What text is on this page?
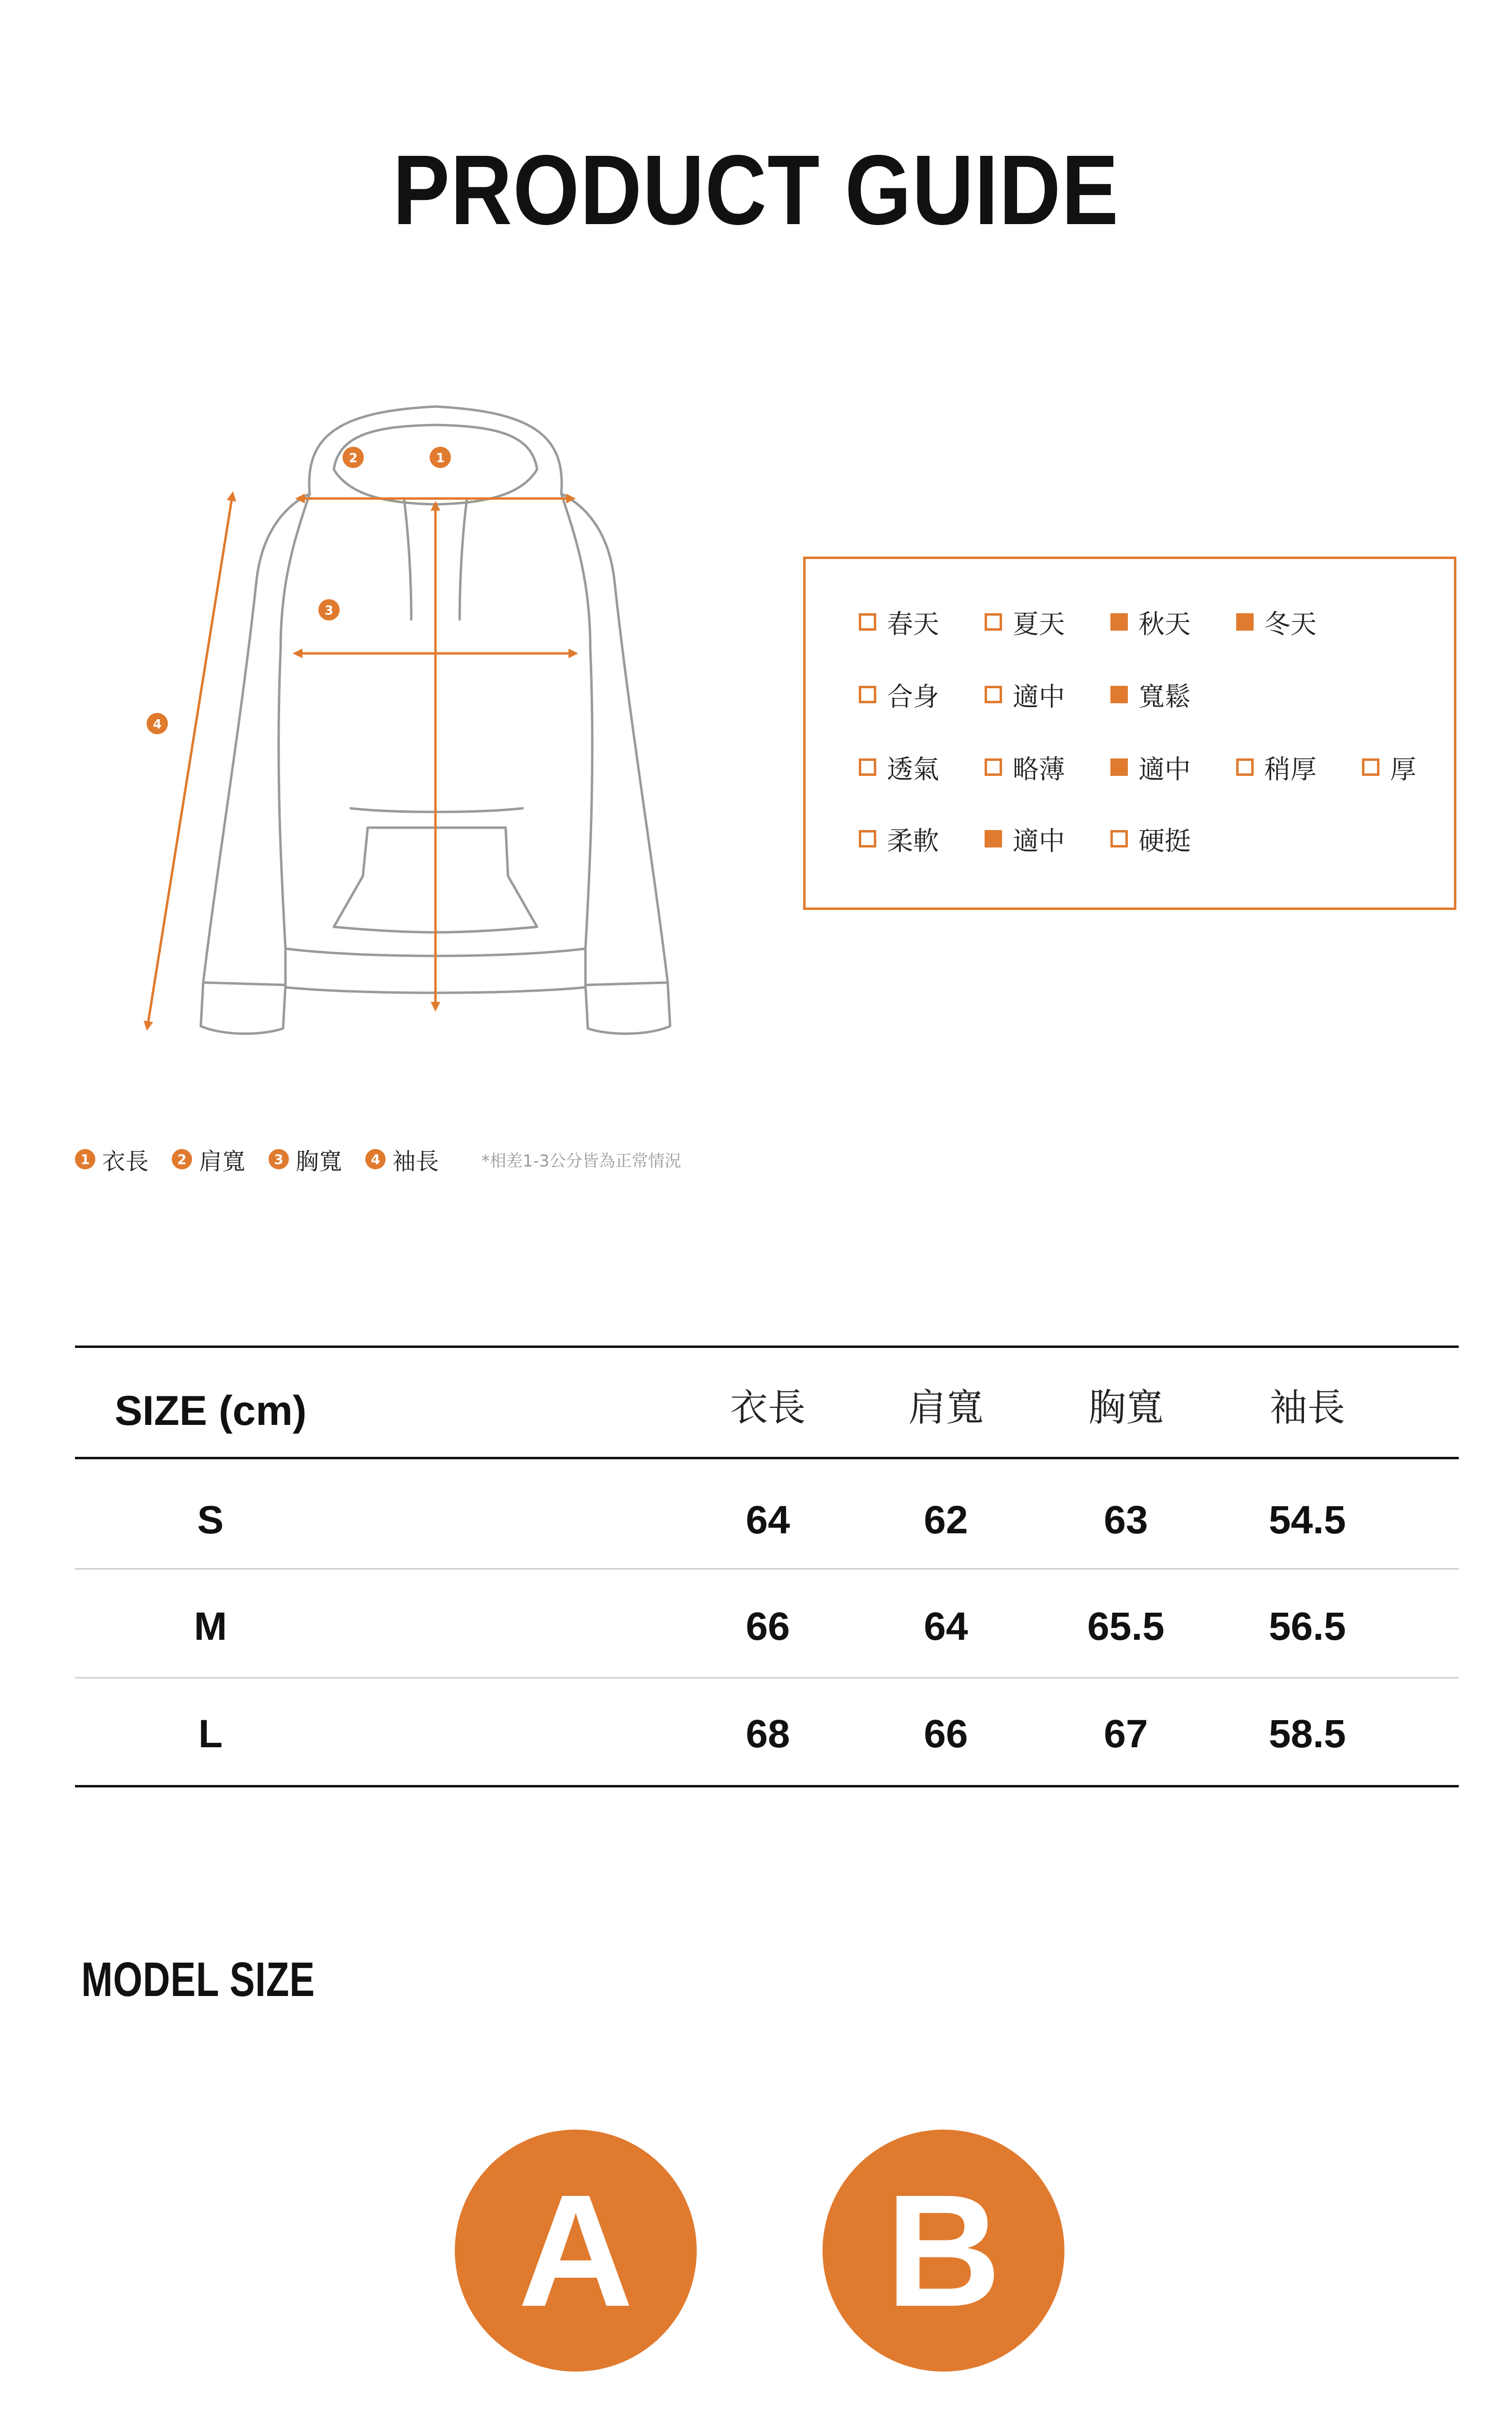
PRODUCT GUIDE
1
2
3
4
春天	夏天	秋天	冬天
合身	適中	寬鬆
透氣	略薄	適中	稍厚	厚
柔軟	適中	硬挺
1 衣長	2 肩寬	3 胸寬	4 袖長	*相差1-3公分皆為正常情況
SIZE (cm)	衣長	肩寬	胸寬	袖長
S	64	62	63	54.5
M	66	64	65.5	56.5
L	68	66	67	58.5
MODEL SIZE
A	B
